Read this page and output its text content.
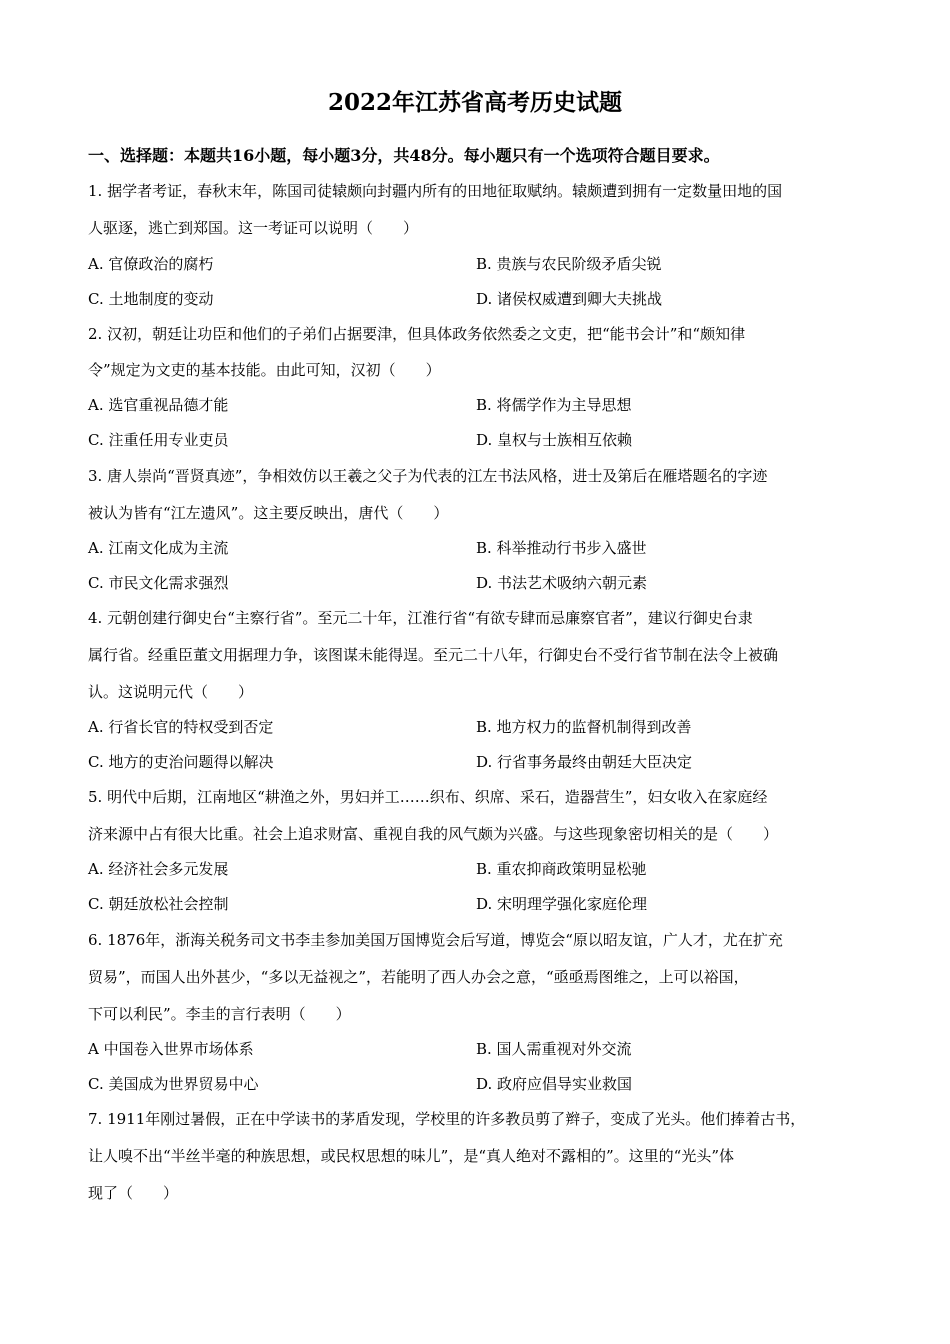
2022年江苏省高考历史试题
一、选择题：本题共16小题，每小题3分，共48分。每小题只有一个选项符合题目要求。
1. 据学者考证，春秋末年，陈国司徒辕颇向封疆内所有的田地征取赋纳。辕颇遭到拥有一定数量田地的国
人驱逐，逃亡到郑国。这一考证可以说明（　　）
A. 官僚政治的腐朽	B. 贵族与农民阶级矛盾尖锐
C. 土地制度的变动	D. 诸侯权威遭到卿大夫挑战
2. 汉初，朝廷让功臣和他们的子弟们占据要津，但具体政务依然委之文吏，把“能书会计”和“颇知律
令”规定为文吏的基本技能。由此可知，汉初（　　）
A. 选官重视品德才能	B. 将儒学作为主导思想
C. 注重任用专业吏员	D. 皇权与士族相互依赖
3. 唐人崇尚“晋贤真迹”，争相效仿以王羲之父子为代表的江左书法风格，进士及第后在雁塔题名的字迹
被认为皆有“江左遗风”。这主要反映出，唐代（　　）
A. 江南文化成为主流	B. 科举推动行书步入盛世
C. 市民文化需求强烈	D. 书法艺术吸纳六朝元素
4. 元朝创建行御史台“主察行省”。至元二十年，江淮行省“有欲专肆而忌廉察官者”，建议行御史台隶
属行省。经重臣董文用据理力争，该图谋未能得逞。至元二十八年，行御史台不受行省节制在法令上被确
认。这说明元代（　　）
A. 行省长官的特权受到否定	B. 地方权力的监督机制得到改善
C. 地方的吏治问题得以解决	D. 行省事务最终由朝廷大臣决定
5. 明代中后期，江南地区“耕渔之外，男妇并工……织布、织席、采石，造器营生”，妇女收入在家庭经
济来源中占有很大比重。社会上追求财富、重视自我的风气颇为兴盛。与这些现象密切相关的是（　　）
A. 经济社会多元发展	B. 重农抑商政策明显松驰
C. 朝廷放松社会控制	D. 宋明理学强化家庭伦理
6. 1876年，浙海关税务司文书李圭参加美国万国博览会后写道，博览会“原以昭友谊，广人才，尤在扩充
贸易”，而国人出外甚少，“多以无益视之”，若能明了西人办会之意，“亟亟焉图维之，上可以裕国，
下可以利民”。李圭的言行表明（　　）
A 中国卷入世界市场体系	B. 国人需重视对外交流
C. 美国成为世界贸易中心	D. 政府应倡导实业救国
7. 1911年刚过暑假，正在中学读书的茅盾发现，学校里的许多教员剪了辫子，变成了光头。他们捧着古书，
让人嗅不出“半丝半毫的种族思想，或民权思想的味儿”，是“真人绝对不露相的”。这里的“光头”体
现了（　　）
